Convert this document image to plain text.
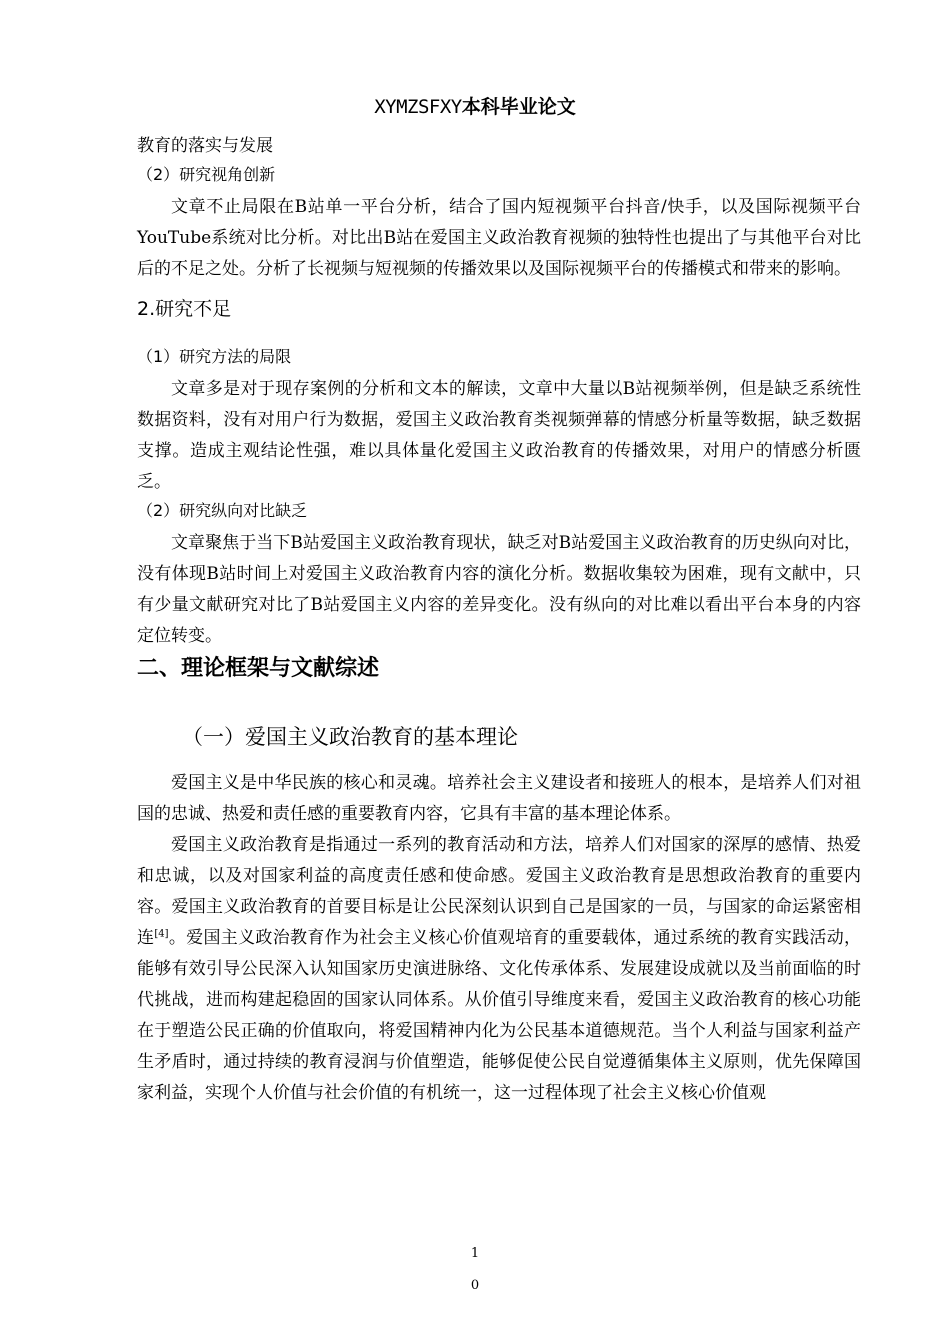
XYMZSFXY本科毕业论文

教育的落实与发展

（2）研究视角创新

文章不止局限在B站单一平台分析，结合了国内短视频平台抖音/快手，以及国际视频平台YouTube系统对比分析。对比出B站在爱国主义政治教育视频的独特性也提出了与其他平台对比后的不足之处。分析了长视频与短视频的传播效果以及国际视频平台的传播模式和带来的影响。

2.研究不足

（1）研究方法的局限

文章多是对于现存案例的分析和文本的解读，文章中大量以B站视频举例，但是缺乏系统性数据资料，没有对用户行为数据，爱国主义政治教育类视频弹幕的情感分析量等数据，缺乏数据支撑。造成主观结论性强，难以具体量化爱国主义政治教育的传播效果，对用户的情感分析匮乏。

（2）研究纵向对比缺乏

文章聚焦于当下B站爱国主义政治教育现状，缺乏对B站爱国主义政治教育的历史纵向对比，没有体现B站时间上对爱国主义政治教育内容的演化分析。数据收集较为困难，现有文献中，只有少量文献研究对比了B站爱国主义内容的差异变化。没有纵向的对比难以看出平台本身的内容定位转变。

二、理论框架与文献综述

（一）爱国主义政治教育的基本理论

爱国主义是中华民族的核心和灵魂。培养社会主义建设者和接班人的根本，是培养人们对祖国的忠诚、热爱和责任感的重要教育内容，它具有丰富的基本理论体系。

爱国主义政治教育是指通过一系列的教育活动和方法，培养人们对国家的深厚的感情、热爱和忠诚，以及对国家利益的高度责任感和使命感。爱国主义政治教育是思想政治教育的重要内容。爱国主义政治教育的首要目标是让公民深刻认识到自己是国家的一员，与国家的命运紧密相连[4]。爱国主义政治教育作为社会主义核心价值观培育的重要载体，通过系统的教育实践活动，能够有效引导公民深入认知国家历史演进脉络、文化传承体系、发展建设成就以及当前面临的时代挑战，进而构建起稳固的国家认同体系。从价值引导维度来看，爱国主义政治教育的核心功能在于塑造公民正确的价值取向，将爱国精神内化为公民基本道德规范。当个人利益与国家利益产生矛盾时，通过持续的教育浸润与价值塑造，能够促使公民自觉遵循集体主义原则，优先保障国家利益，实现个人价值与社会价值的有机统一，这一过程体现了社会主义核心价值观

1
0
